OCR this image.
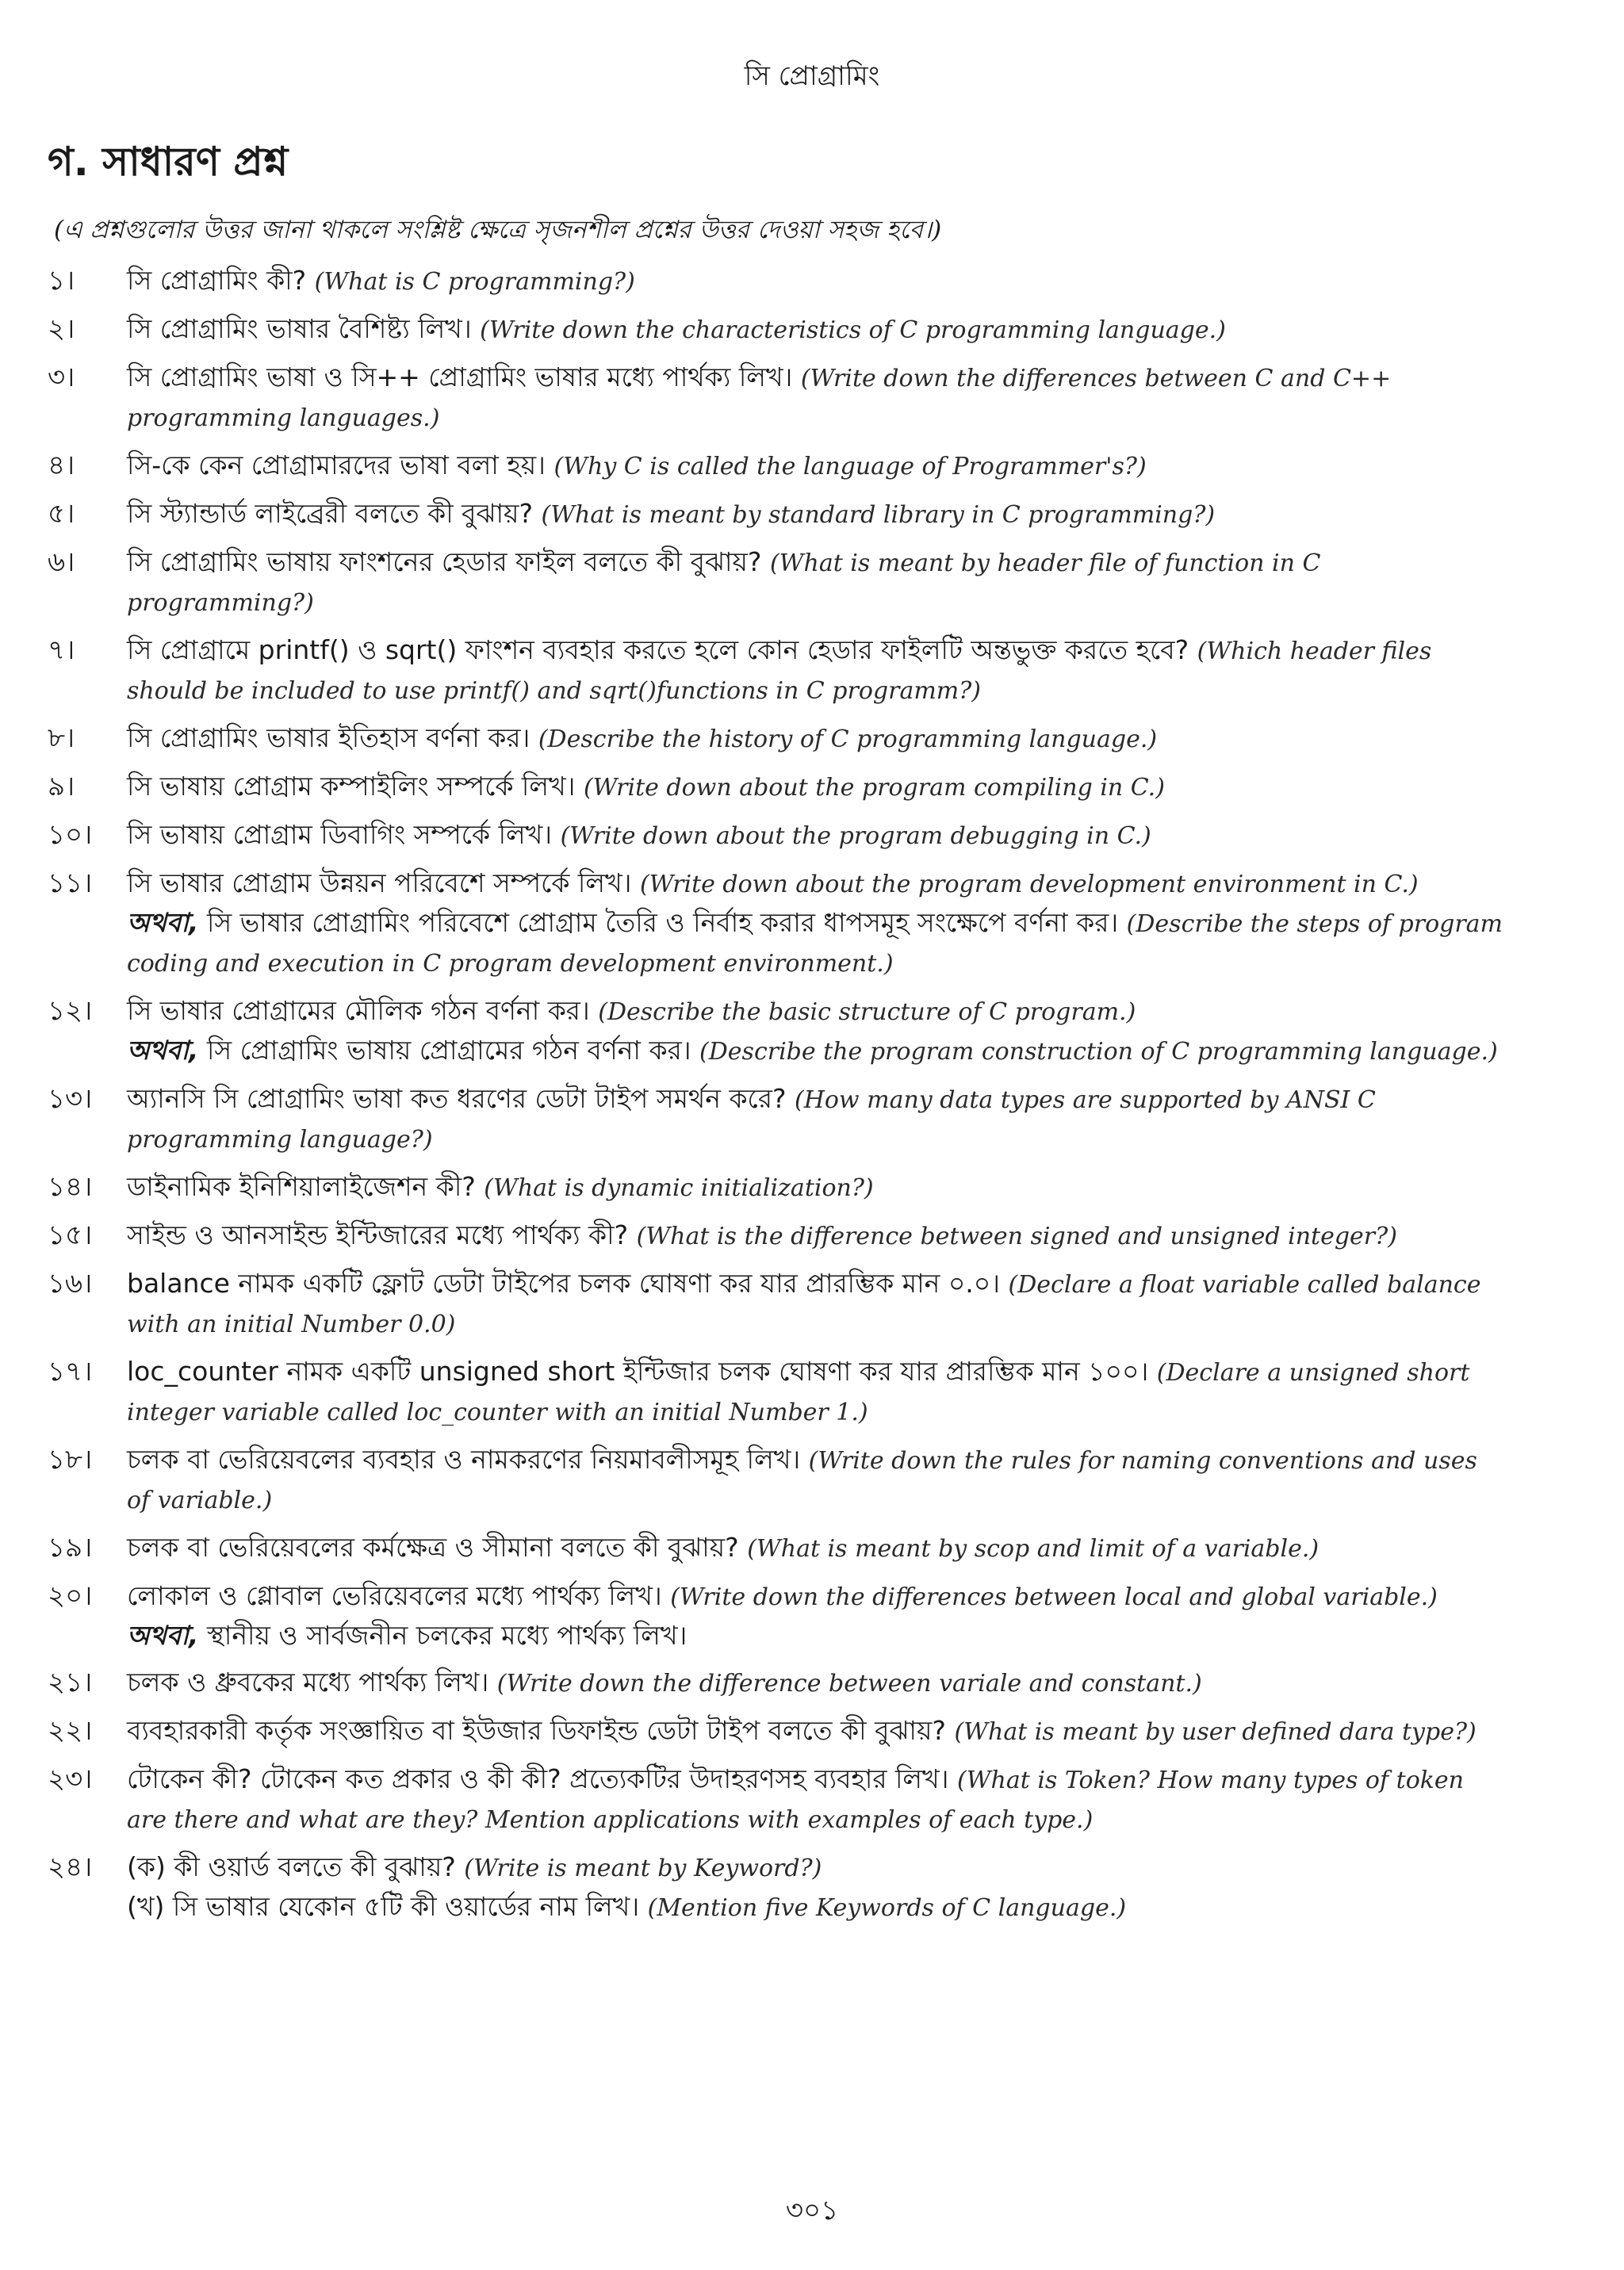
সি প্রোগ্রামিং
গ. সাধারণ প্রশ্ন
(এ প্রশ্নগুলোর উত্তর জানা থাকলে সংশ্লিষ্ট ক্ষেত্রে সৃজনশীল প্রশ্নের উত্তর দেওয়া সহজ হবে।)
১।	সি প্রোগ্রামিং কী? (What is C programming?)
২।	সি প্রোগ্রামিং ভাষার বৈশিষ্ট্য লিখ। (Write down the characteristics of C programming language.)
৩।	সি প্রোগ্রামিং ভাষা ও সি++ প্রোগ্রামিং ভাষার মধ্যে পার্থক্য লিখ। (Write down the differences between C and C++ programming languages.)
৪।	সি-কে কেন প্রোগ্রামারদের ভাষা বলা হয়। (Why C is called the language of Programmer's?)
৫।	সি স্ট্যান্ডার্ড লাইব্রেরী বলতে কী বুঝায়? (What is meant by standard library in C programming?)
৬।	সি প্রোগ্রামিং ভাষায় ফাংশনের হেডার ফাইল বলতে কী বুঝায়? (What is meant by header file of function in C programming?)
৭।	সি প্রোগ্রামে printf() ও sqrt() ফাংশন ব্যবহার করতে হলে কোন হেডার ফাইলটি অন্তভুক্ত করতে হবে? (Which header files should be included to use printf() and sqrt()functions in C programm?)
৮।	সি প্রোগ্রামিং ভাষার ইতিহাস বর্ণনা কর। (Describe the history of C programming language.)
৯।	সি ভাষায় প্রোগ্রাম কম্পাইলিং সম্পর্কে লিখ। (Write down about the program compiling in C.)
১০।	সি ভাষায় প্রোগ্রাম ডিবাগিং সম্পর্কে লিখ। (Write down about the program debugging in C.)
১১।	সি ভাষার প্রোগ্রাম উন্নয়ন পরিবেশে সম্পর্কে লিখ। (Write down about the program development environment in C.)
অথবা, সি ভাষার প্রোগ্রামিং পরিবেশে প্রোগ্রাম তৈরি ও নির্বাহ করার ধাপসমূহ সংক্ষেপে বর্ণনা কর। (Describe the steps of program coding and execution in C program development environment.)
১২।	সি ভাষার প্রোগ্রামের মৌলিক গঠন বর্ণনা কর। (Describe the basic structure of C program.)
অথবা, সি প্রোগ্রামিং ভাষায় প্রোগ্রামের গঠন বর্ণনা কর। (Describe the program construction of C programming language.)
১৩।	অ্যানসি সি প্রোগ্রামিং ভাষা কত ধরণের ডেটা টাইপ সমর্থন করে? (How many data types are supported by ANSI C programming language?)
১৪।	ডাইনামিক ইনিশিয়ালাইজেশন কী? (What is dynamic initialization?)
১৫।	সাইন্ড ও আনসাইন্ড ইন্টিজারের মধ্যে পার্থক্য কী? (What is the difference between signed and unsigned integer?)
১৬।	balance নামক একটি ফ্লোট ডেটা টাইপের চলক ঘোষণা কর যার প্রারম্ভিক মান ০.০। (Declare a float variable called balance with an initial Number 0.0)
১৭।	loc_counter নামক একটি unsigned short ইন্টিজার চলক ঘোষণা কর যার প্রারম্ভিক মান ১০০। (Declare a unsigned short integer variable called loc_counter with an initial Number 1.)
১৮।	চলক বা ভেরিয়েবলের ব্যবহার ও নামকরণের নিয়মাবলীসমূহ লিখ। (Write down the rules for naming conventions and uses of variable.)
১৯।	চলক বা ভেরিয়েবলের কর্মক্ষেত্র ও সীমানা বলতে কী বুঝায়? (What is meant by scop and limit of a variable.)
২০।	লোকাল ও গ্লোবাল ভেরিয়েবলের মধ্যে পার্থক্য লিখ। (Write down the differences between local and global variable.) অথবা, স্থানীয় ও সার্বজনীন চলকের মধ্যে পার্থক্য লিখ।
২১।	চলক ও ধ্রুবকের মধ্যে পার্থক্য লিখ। (Write down the difference between variale and constant.)
২২।	ব্যবহারকারী কর্তৃক সংজ্ঞায়িত বা ইউজার ডিফাইন্ড ডেটা টাইপ বলতে কী বুঝায়? (What is meant by user defined dara type?)
২৩।	টোকেন কী? টোকেন কত প্রকার ও কী কী? প্রত্যেকটির উদাহরণসহ ব্যবহার লিখ। (What is Token? How many types of token are there and what are they? Mention applications with examples of each type.)
২৪।	(ক) কী ওয়ার্ড বলতে কী বুঝায়? (Write is meant by Keyword?)
(খ) সি ভাষার যেকোন ৫টি কী ওয়ার্ডের নাম লিখ। (Mention five Keywords of C language.)
৩০১
